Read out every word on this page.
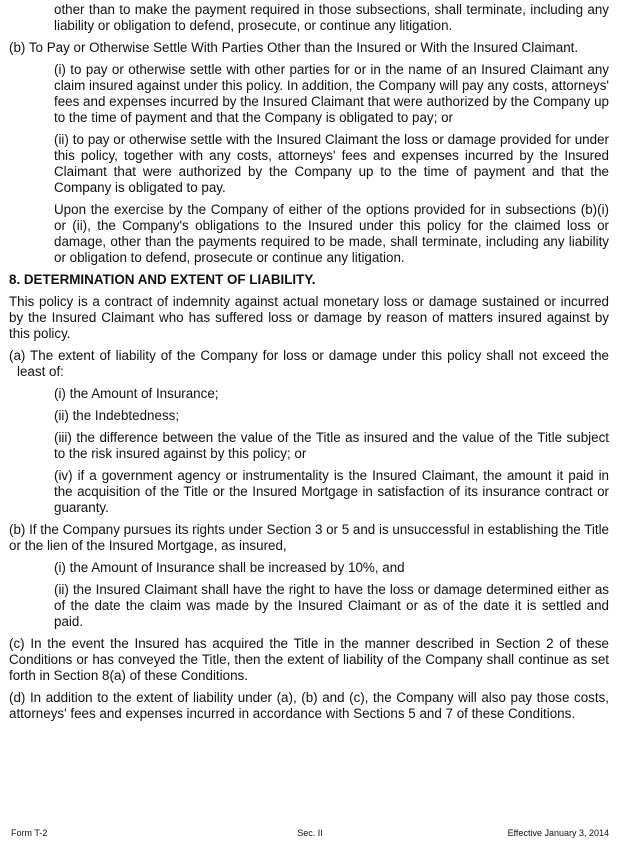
other than to make the payment required in those subsections, shall terminate, including any liability or obligation to defend, prosecute, or continue any litigation.

(b) To Pay or Otherwise Settle With Parties Other than the Insured or With the Insured Claimant.

(i) to pay or otherwise settle with other parties for or in the name of an Insured Claimant any claim insured against under this policy. In addition, the Company will pay any costs, attorneys' fees and expenses incurred by the Insured Claimant that were authorized by the Company up to the time of payment and that the Company is obligated to pay; or

(ii) to pay or otherwise settle with the Insured Claimant the loss or damage provided for under this policy, together with any costs, attorneys' fees and expenses incurred by the Insured Claimant that were authorized by the Company up to the time of payment and that the Company is obligated to pay.

Upon the exercise by the Company of either of the options provided for in subsections (b)(i) or (ii), the Company's obligations to the Insured under this policy for the claimed loss or damage, other than the payments required to be made, shall terminate, including any liability or obligation to defend, prosecute or continue any litigation.

8. DETERMINATION AND EXTENT OF LIABILITY.

This policy is a contract of indemnity against actual monetary loss or damage sustained or incurred by the Insured Claimant who has suffered loss or damage by reason of matters insured against by this policy.

(a) The extent of liability of the Company for loss or damage under this policy shall not exceed the least of:

(i) the Amount of Insurance;

(ii) the Indebtedness;

(iii) the difference between the value of the Title as insured and the value of the Title subject to the risk insured against by this policy; or

(iv) if a government agency or instrumentality is the Insured Claimant, the amount it paid in the acquisition of the Title or the Insured Mortgage in satisfaction of its insurance contract or guaranty.

(b) If the Company pursues its rights under Section 3 or 5 and is unsuccessful in establishing the Title or the lien of the Insured Mortgage, as insured,

(i) the Amount of Insurance shall be increased by 10%, and

(ii) the Insured Claimant shall have the right to have the loss or damage determined either as of the date the claim was made by the Insured Claimant or as of the date it is settled and paid.

(c) In the event the Insured has acquired the Title in the manner described in Section 2 of these Conditions or has conveyed the Title, then the extent of liability of the Company shall continue as set forth in Section 8(a) of these Conditions.

(d) In addition to the extent of liability under (a), (b) and (c), the Company will also pay those costs, attorneys' fees and expenses incurred in accordance with Sections 5 and 7 of these Conditions.

Form T-2	Sec. II	Effective January 3, 2014
